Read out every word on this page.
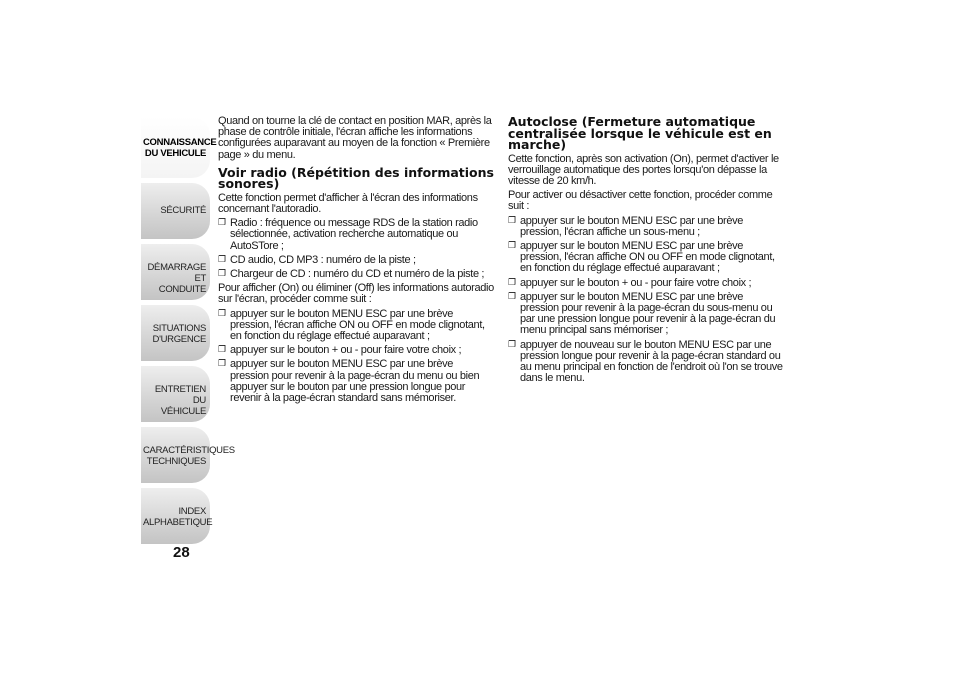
CONNAISSANCE
DU VEHICULE
SÉCURITÉ
DÉMARRAGE ET
CONDUITE
SITUATIONS
D'URGENCE
ENTRETIEN DU
VÉHICULE
CARACTÉRISTIQUES
TECHNIQUES
INDEX
ALPHABETIQUE
28

Quand on tourne la clé de contact en position MAR, après la phase de contrôle initiale, l'écran affiche les informations configurées auparavant au moyen de la fonction « Première page » du menu.

Voir radio (Répétition des informations sonores)

Cette fonction permet d'afficher à l'écran des informations concernant l'autoradio.

❐ Radio : fréquence ou message RDS de la station radio sélectionnée, activation recherche automatique ou AutoSTore ;
❐ CD audio, CD MP3 : numéro de la piste ;
❐ Chargeur de CD : numéro du CD et numéro de la piste ;

Pour afficher (On) ou éliminer (Off) les informations autoradio sur l'écran, procéder comme suit :

❐ appuyer sur le bouton MENU ESC par une brève pression, l'écran affiche ON ou OFF en mode clignotant, en fonction du réglage effectué auparavant ;
❐ appuyer sur le bouton + ou - pour faire votre choix ;
❐ appuyer sur le bouton MENU ESC par une brève pression pour revenir à la page-écran du menu ou bien appuyer sur le bouton par une pression longue pour revenir à la page-écran standard sans mémoriser.
Autoclose (Fermeture automatique centralisée lorsque le véhicule est en marche)

Cette fonction, après son activation (On), permet d'activer le verrouillage automatique des portes lorsqu'on dépasse la vitesse de 20 km/h.

Pour activer ou désactiver cette fonction, procéder comme suit :

❐ appuyer sur le bouton MENU ESC par une brève pression, l'écran affiche un sous-menu ;
❐ appuyer sur le bouton MENU ESC par une brève pression, l'écran affiche ON ou OFF en mode clignotant, en fonction du réglage effectué auparavant ;
❐ appuyer sur le bouton + ou - pour faire votre choix ;
❐ appuyer sur le bouton MENU ESC par une brève pression pour revenir à la page-écran du sous-menu ou par une pression longue pour revenir à la page-écran du menu principal sans mémoriser ;
❐ appuyer de nouveau sur le bouton MENU ESC par une pression longue pour revenir à la page-écran standard ou au menu principal en fonction de l'endroit où l'on se trouve dans le menu.
